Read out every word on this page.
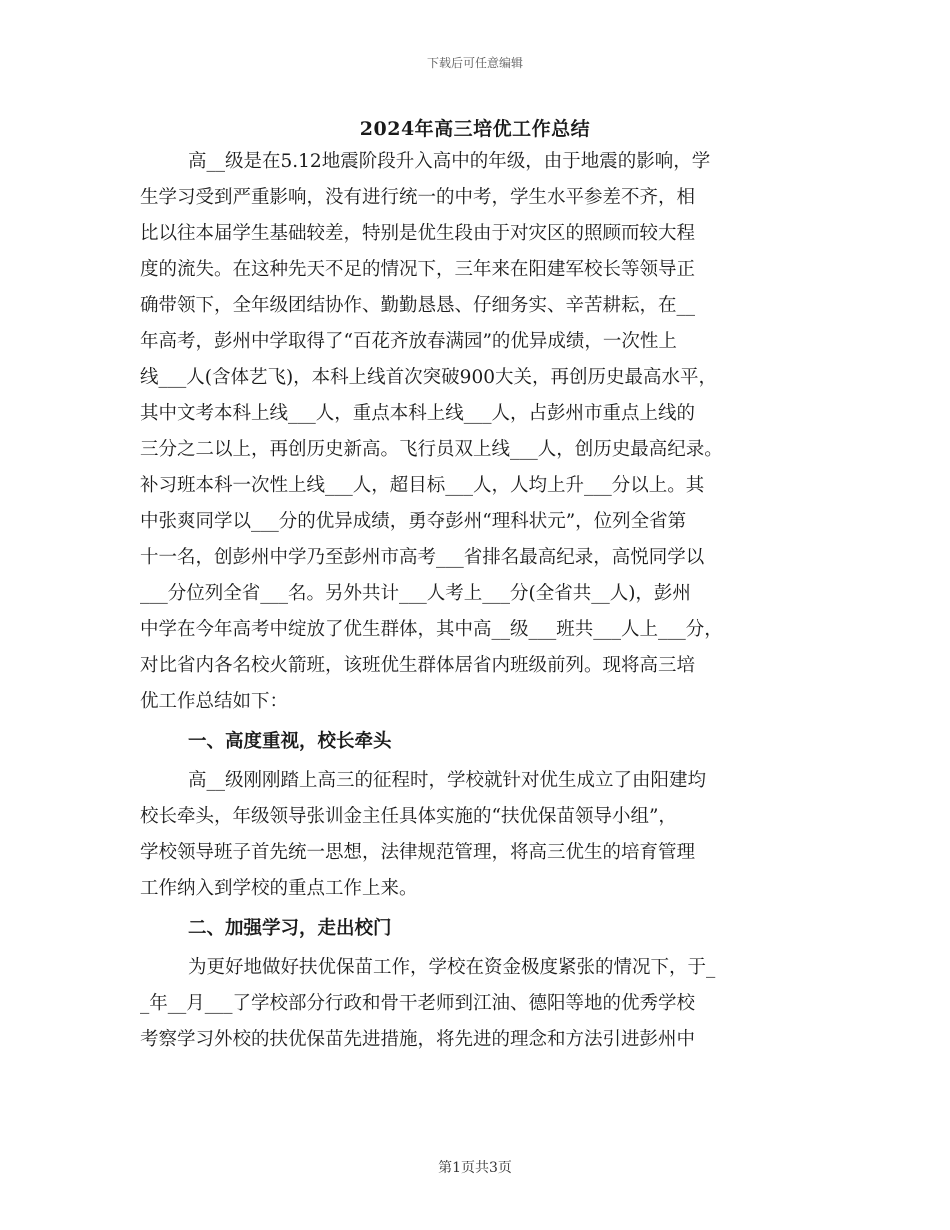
下载后可任意编辑
2024年高三培优工作总结
高__级是在5.12地震阶段升入高中的年级，由于地震的影响，学
生学习受到严重影响，没有进行统一的中考，学生水平参差不齐，相
比以往本届学生基础较差，特别是优生段由于对灾区的照顾而较大程
度的流失。在这种先天不足的情况下，三年来在阳建军校长等领导正
确带领下，全年级团结协作、勤勤恳恳、仔细务实、辛苦耕耘，在__
年高考，彭州中学取得了“百花齐放春满园”的优异成绩，一次性上
线___人(含体艺飞)，本科上线首次突破900大关，再创历史最高水平，
其中文考本科上线___人，重点本科上线___人，占彭州市重点上线的
三分之二以上，再创历史新高。飞行员双上线___人，创历史最高纪录。
补习班本科一次性上线___人，超目标___人，人均上升___分以上。其
中张爽同学以___分的优异成绩，勇夺彭州“理科状元”，位列全省第
十一名，创彭州中学乃至彭州市高考___省排名最高纪录，高悦同学以
___分位列全省___名。另外共计___人考上___分(全省共__人)，彭州
中学在今年高考中绽放了优生群体，其中高__级___班共___人上___分，
对比省内各名校火箭班，该班优生群体居省内班级前列。现将高三培
优工作总结如下：
一、高度重视，校长牵头
高__级刚刚踏上高三的征程时，学校就针对优生成立了由阳建均
校长牵头，年级领导张训金主任具体实施的“扶优保苗领导小组”，
学校领导班子首先统一思想，法律规范管理，将高三优生的培育管理
工作纳入到学校的重点工作上来。
二、加强学习，走出校门
为更好地做好扶优保苗工作，学校在资金极度紧张的情况下，于_
_年__月___了学校部分行政和骨干老师到江油、德阳等地的优秀学校
考察学习外校的扶优保苗先进措施，将先进的理念和方法引进彭州中
第1页共3页
